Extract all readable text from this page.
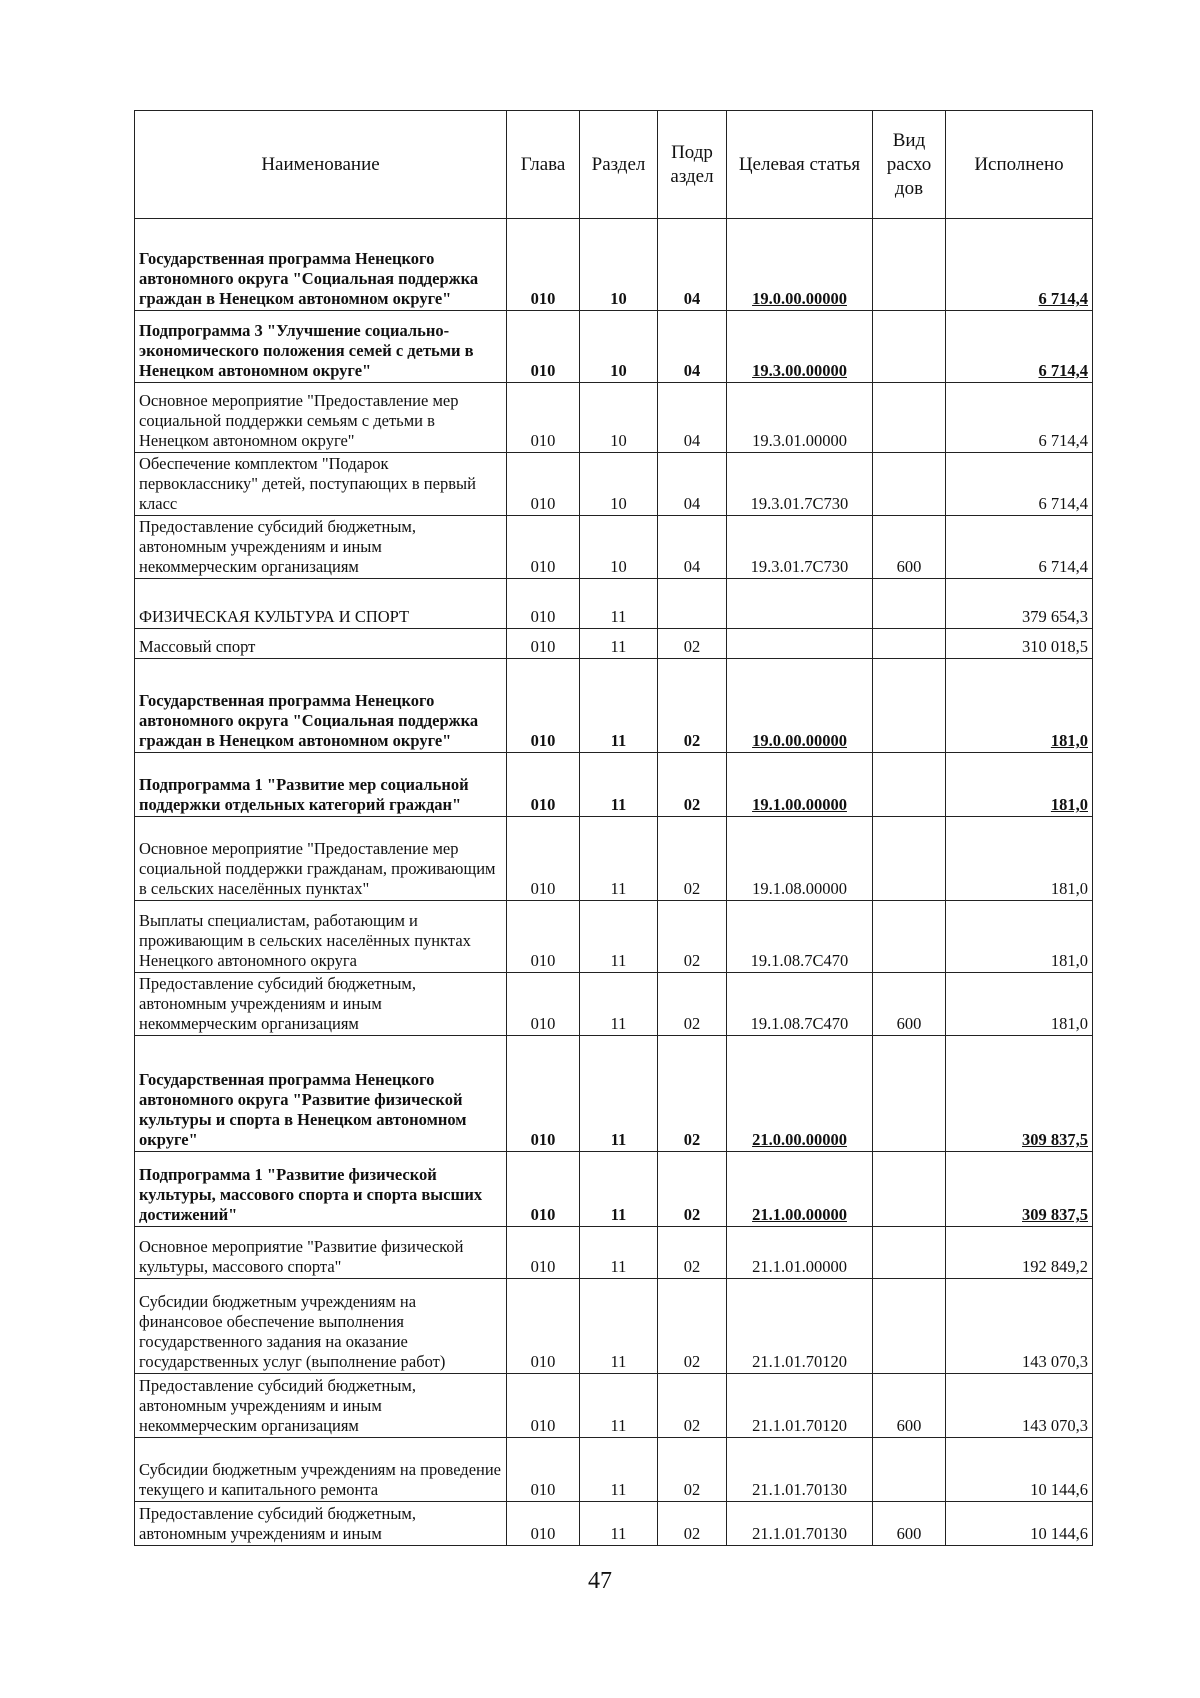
Наименование	Глава	Раздел	Подр аздел	Целевая статья	Вид расхо дов	Исполнено
Государственная программа Ненецкого автономного округа "Социальная поддержка граждан в Ненецком автономном округе"	010	10	04	19.0.00.00000		6 714,4
Подпрограмма 3 "Улучшение социально-экономического положения семей с детьми в Ненецком автономном округе"	010	10	04	19.3.00.00000		6 714,4
Основное мероприятие "Предоставление мер социальной поддержки семьям с детьми в Ненецком автономном округе"	010	10	04	19.3.01.00000		6 714,4
Обеспечение комплектом "Подарок первокласснику" детей, поступающих в первый класс	010	10	04	19.3.01.7С730		6 714,4
Предоставление субсидий бюджетным, автономным учреждениям и иным некоммерческим организациям	010	10	04	19.3.01.7С730	600	6 714,4
ФИЗИЧЕСКАЯ КУЛЬТУРА И СПОРТ	010	11				379 654,3
Массовый спорт	010	11	02			310 018,5
Государственная программа Ненецкого автономного округа "Социальная поддержка граждан в Ненецком автономном округе"	010	11	02	19.0.00.00000		181,0
Подпрограмма 1 "Развитие мер социальной поддержки отдельных категорий граждан"	010	11	02	19.1.00.00000		181,0
Основное мероприятие "Предоставление мер социальной поддержки гражданам, проживающим в сельских населённых пунктах"	010	11	02	19.1.08.00000		181,0
Выплаты специалистам, работающим и проживающим в сельских населённых пунктах Ненецкого автономного округа	010	11	02	19.1.08.7С470		181,0
Предоставление субсидий бюджетным, автономным учреждениям и иным некоммерческим организациям	010	11	02	19.1.08.7С470	600	181,0
Государственная программа Ненецкого автономного округа "Развитие физической культуры и спорта в Ненецком автономном округе"	010	11	02	21.0.00.00000		309 837,5
Подпрограмма 1 "Развитие физической культуры, массового спорта и спорта высших достижений"	010	11	02	21.1.00.00000		309 837,5
Основное мероприятие "Развитие физической культуры, массового спорта"	010	11	02	21.1.01.00000		192 849,2
Субсидии бюджетным учреждениям на финансовое обеспечение выполнения государственного задания на оказание государственных услуг (выполнение работ)	010	11	02	21.1.01.70120		143 070,3
Предоставление субсидий бюджетным, автономным учреждениям и иным некоммерческим организациям	010	11	02	21.1.01.70120	600	143 070,3
Субсидии бюджетным учреждениям на проведение текущего и капитального ремонта	010	11	02	21.1.01.70130		10 144,6
Предоставление субсидий бюджетным, автономным учреждениям и иным	010	11	02	21.1.01.70130	600	10 144,6
47
